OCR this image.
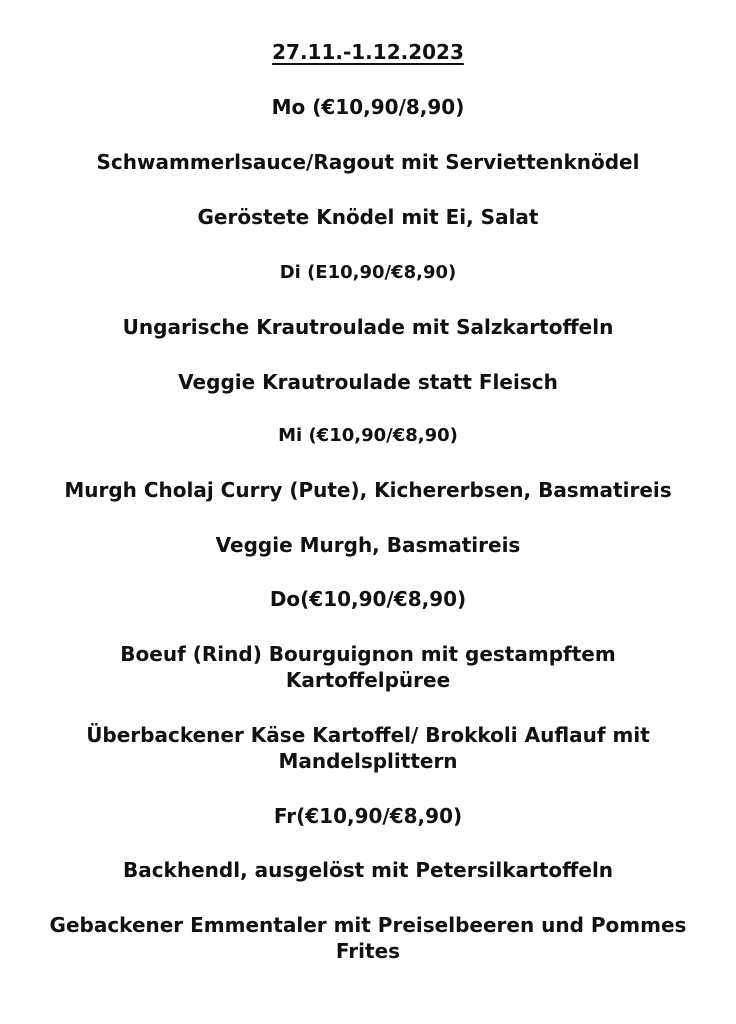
27.11.-1.12.2023
Mo (€10,90/8,90)
Schwammerlsauce/Ragout mit Serviettenknödel
Geröstete Knödel mit Ei, Salat
Di (E10,90/€8,90)
Ungarische Krautroulade mit Salzkartoffeln
Veggie Krautroulade statt Fleisch
Mi (€10,90/€8,90)
Murgh Cholaj Curry (Pute), Kichererbsen, Basmatireis
Veggie Murgh, Basmatireis
Do(€10,90/€8,90)
Boeuf (Rind) Bourguignon mit gestampftem Kartoffelpüree
Überbackener Käse Kartoffel/ Brokkoli Auflauf mit Mandelsplittern
Fr(€10,90/€8,90)
Backhendl, ausgelöst mit Petersilkartoffeln
Gebackener Emmentaler mit Preiselbeeren und Pommes Frites
